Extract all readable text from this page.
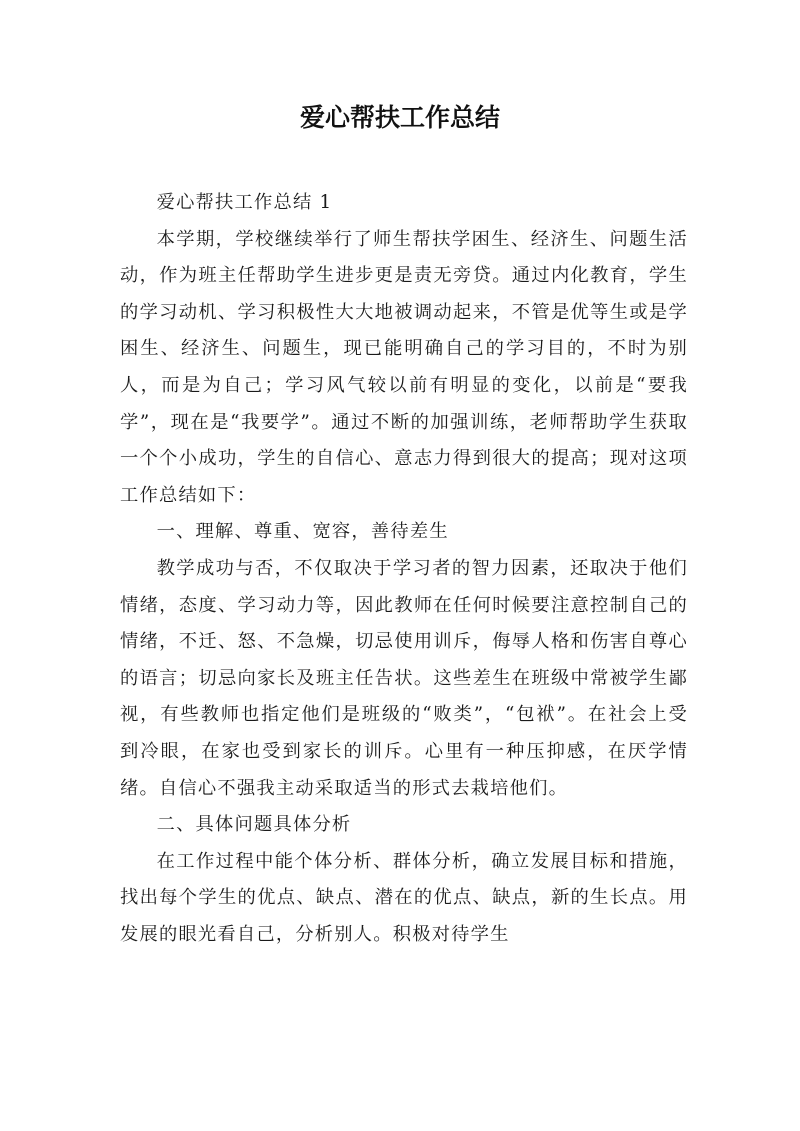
爱心帮扶工作总结

爱心帮扶工作总结 1

本学期，学校继续举行了师生帮扶学困生、经济生、问题生活动，作为班主任帮助学生进步更是责无旁贷。通过内化教育，学生的学习动机、学习积极性大大地被调动起来，不管是优等生或是学困生、经济生、问题生，现已能明确自己的学习目的，不时为别人，而是为自己；学习风气较以前有明显的变化，以前是“要我学”，现在是“我要学”。通过不断的加强训练，老师帮助学生获取一个个小成功，学生的自信心、意志力得到很大的提高；现对这项工作总结如下：

一、理解、尊重、宽容，善待差生

教学成功与否，不仅取决于学习者的智力因素，还取决于他们情绪，态度、学习动力等，因此教师在任何时候要注意控制自己的情绪，不迁、怒、不急燥，切忌使用训斥，侮辱人格和伤害自尊心的语言；切忌向家长及班主任告状。这些差生在班级中常被学生鄙视，有些教师也指定他们是班级的“败类”，“包袱”。在社会上受到冷眼，在家也受到家长的训斥。心里有一种压抑感，在厌学情绪。自信心不强我主动采取适当的形式去栽培他们。

二、具体问题具体分析

在工作过程中能个体分析、群体分析，确立发展目标和措施，找出每个学生的优点、缺点、潜在的优点、缺点，新的生长点。用发展的眼光看自己，分析别人。积极对待学生
